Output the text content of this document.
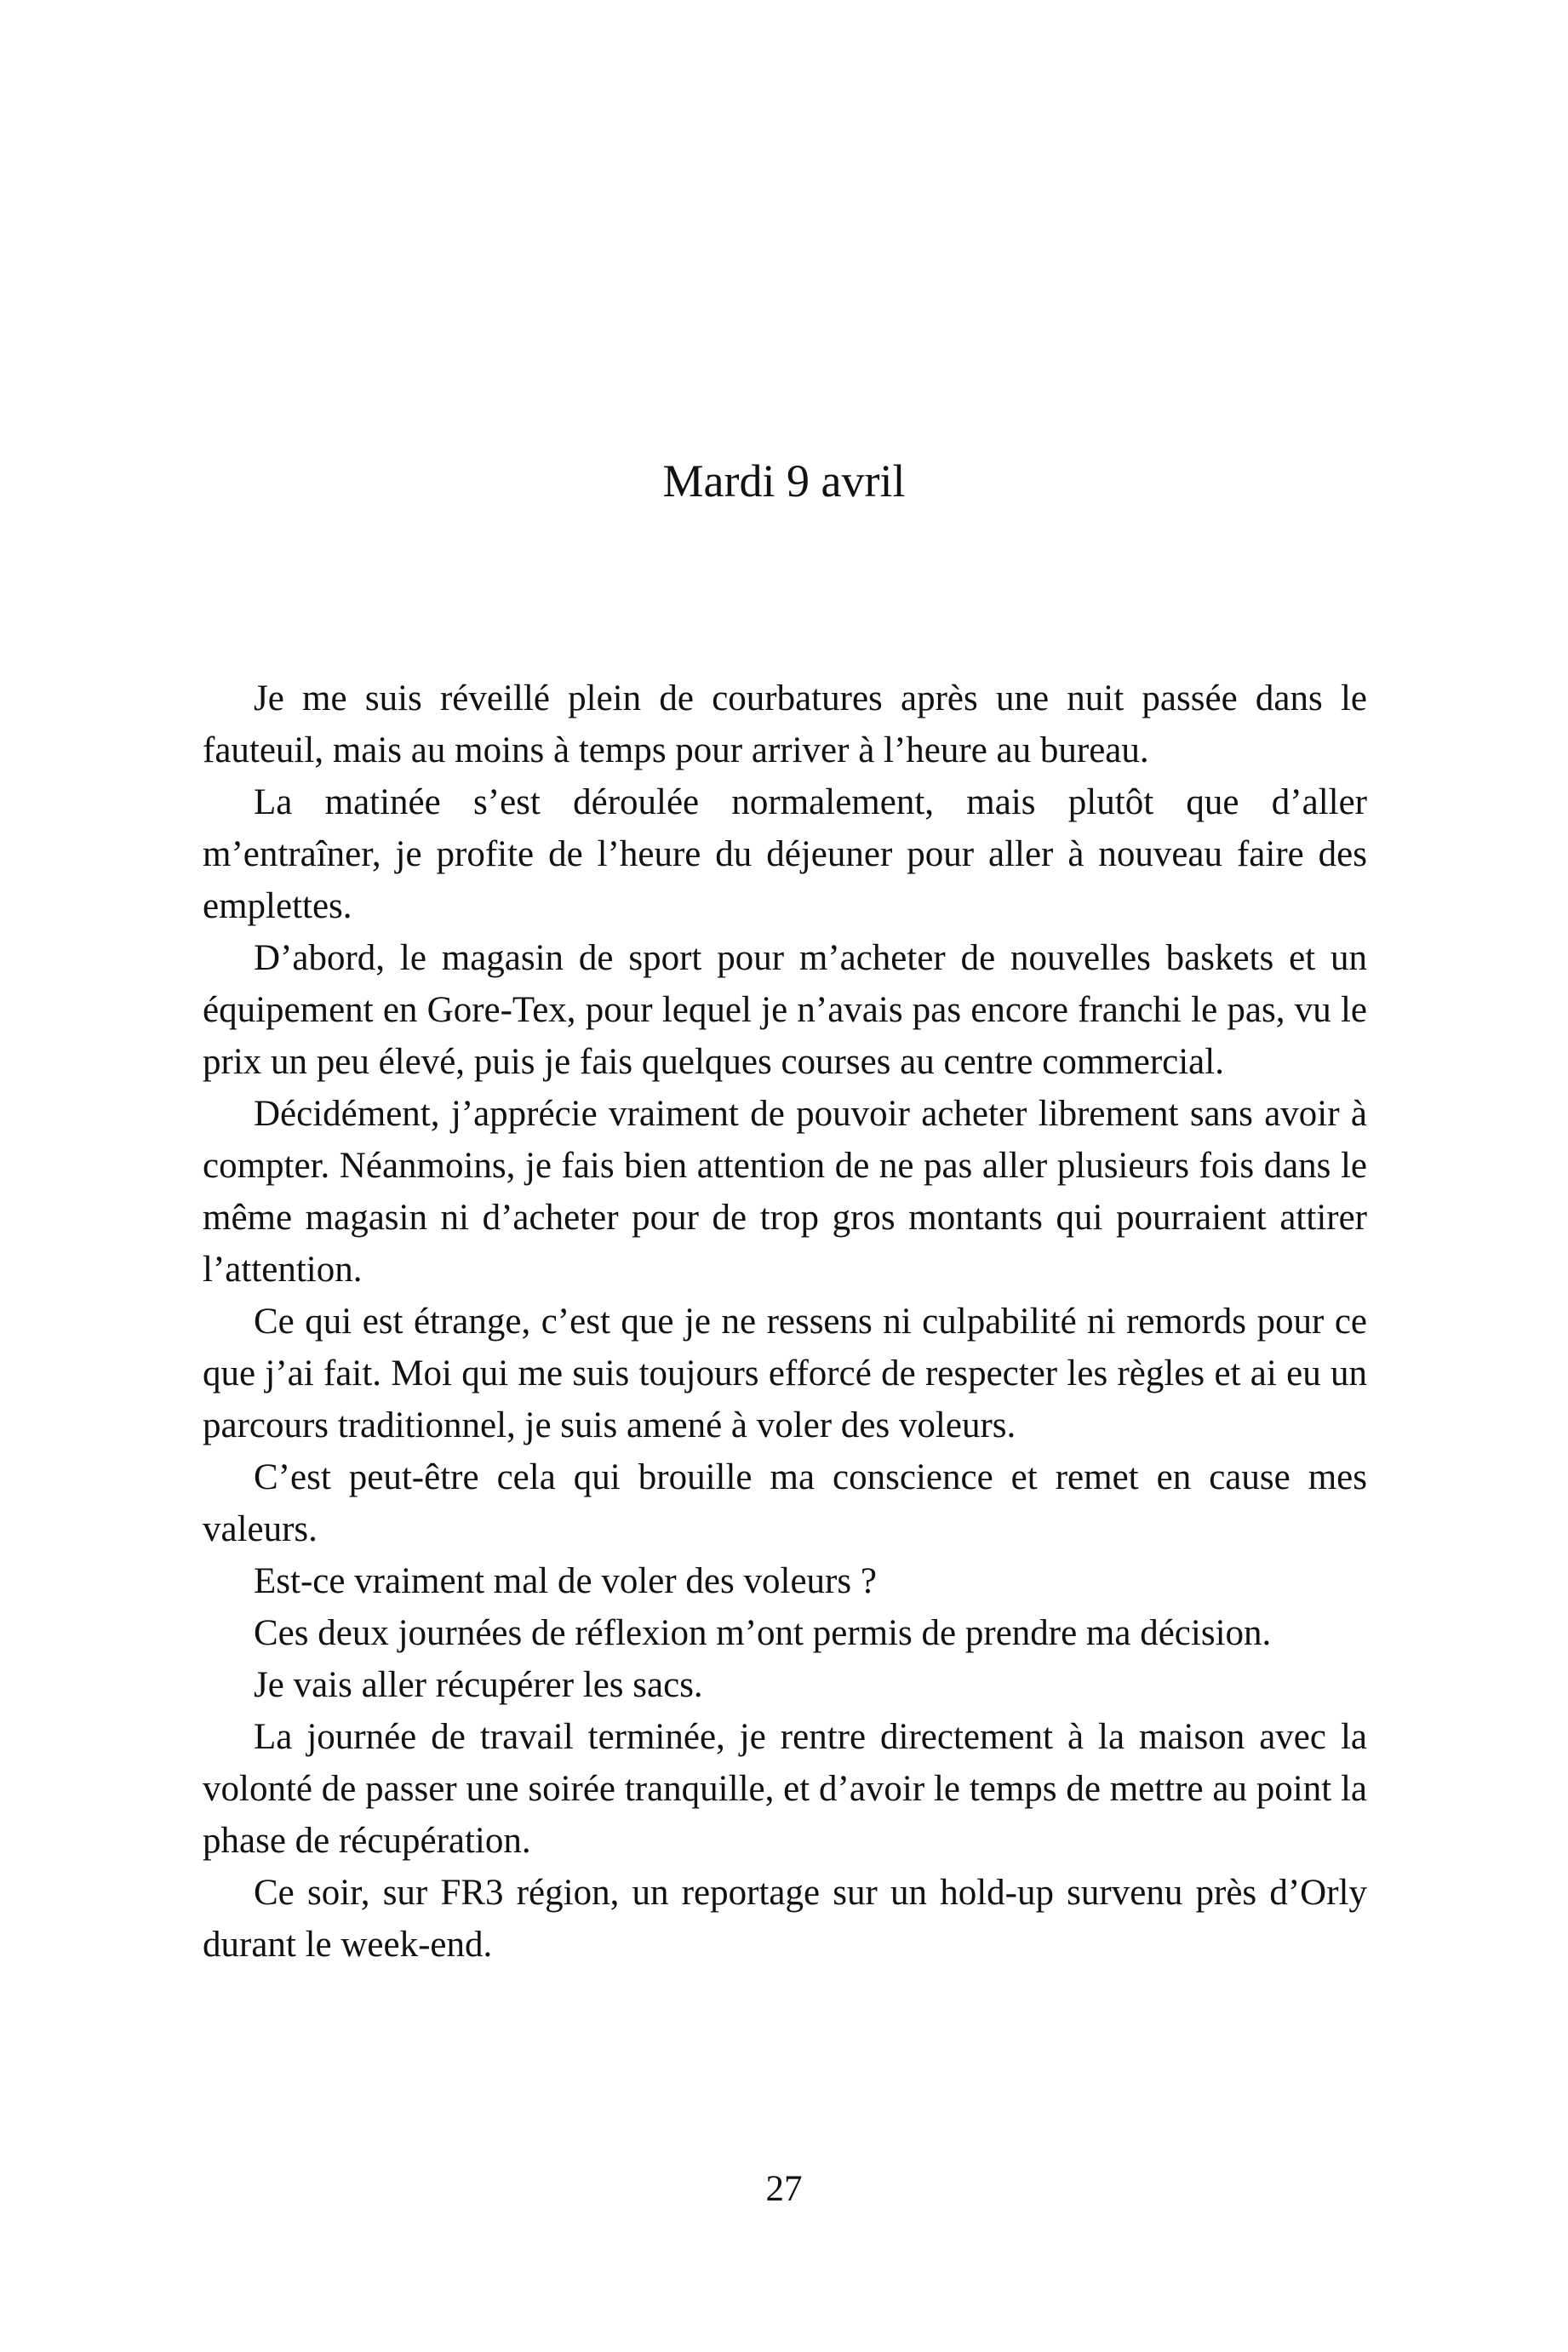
Mardi 9 avril

Je me suis réveillé plein de courbatures après une nuit passée dans le fauteuil, mais au moins à temps pour arriver à l’heure au bureau.

La matinée s’est déroulée normalement, mais plutôt que d’aller m’entraîner, je profite de l’heure du déjeuner pour aller à nouveau faire des emplettes.

D’abord, le magasin de sport pour m’acheter de nouvelles baskets et un équipement en Gore-Tex, pour lequel je n’avais pas encore franchi le pas, vu le prix un peu élevé, puis je fais quelques courses au centre commercial.

Décidément, j’apprécie vraiment de pouvoir acheter librement sans avoir à compter. Néanmoins, je fais bien attention de ne pas aller plusieurs fois dans le même magasin ni d’acheter pour de trop gros montants qui pourraient attirer l’attention.

Ce qui est étrange, c’est que je ne ressens ni culpabilité ni remords pour ce que j’ai fait. Moi qui me suis toujours efforcé de respecter les règles et ai eu un parcours traditionnel, je suis amené à voler des voleurs.

C’est peut-être cela qui brouille ma conscience et remet en cause mes valeurs.

Est-ce vraiment mal de voler des voleurs ?

Ces deux journées de réflexion m’ont permis de prendre ma décision.

Je vais aller récupérer les sacs.

La journée de travail terminée, je rentre directement à la maison avec la volonté de passer une soirée tranquille, et d’avoir le temps de mettre au point la phase de récupération.

Ce soir, sur FR3 région, un reportage sur un hold-up survenu près d’Orly durant le week-end.

27
